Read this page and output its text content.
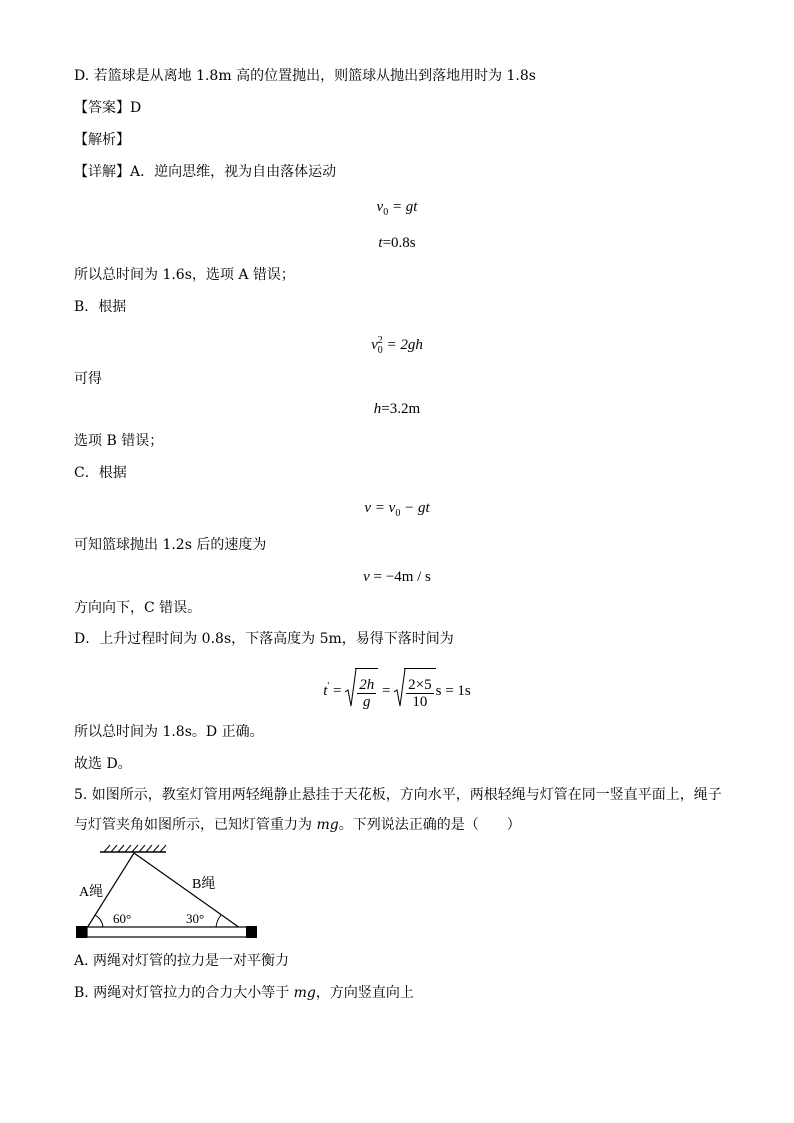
D. 若篮球是从离地 1.8m 高的位置抛出，则篮球从抛出到落地用时为 1.8s
【答案】D
【解析】
【详解】A．逆向思维，视为自由落体运动
$v_0$ = gt
t=0.8s
所以总时间为 1.6s，选项 A 错误；
B．根据
$v_0^2 = 2gh$
可得
h=3.2m
选项 B 错误；
C．根据
$v = v_0$ − gt
可知篮球抛出 1.2s 后的速度为
v = −4m / s
方向向下，C 错误。
D．上升过程时间为 0.8s，下落高度为 5m，易得下落时间为
$t' = \frac{2h}{g} = \frac{2\times 5}{10}$ s = 1s
所以总时间为 1.8s。D 正确。
故选 D。
5. 如图所示，教室灯管用两轻绳静止悬挂于天花板，方向水平，两根轻绳与灯管在同一竖直平面上，绳子
与灯管夹角如图所示，已知灯管重力为 mg。下列说法正确的是（　　）
A绳
B绳
60°	30°
A. 两绳对灯管的拉力是一对平衡力
B. 两绳对灯管拉力的合力大小等于 mg，方向竖直向上
